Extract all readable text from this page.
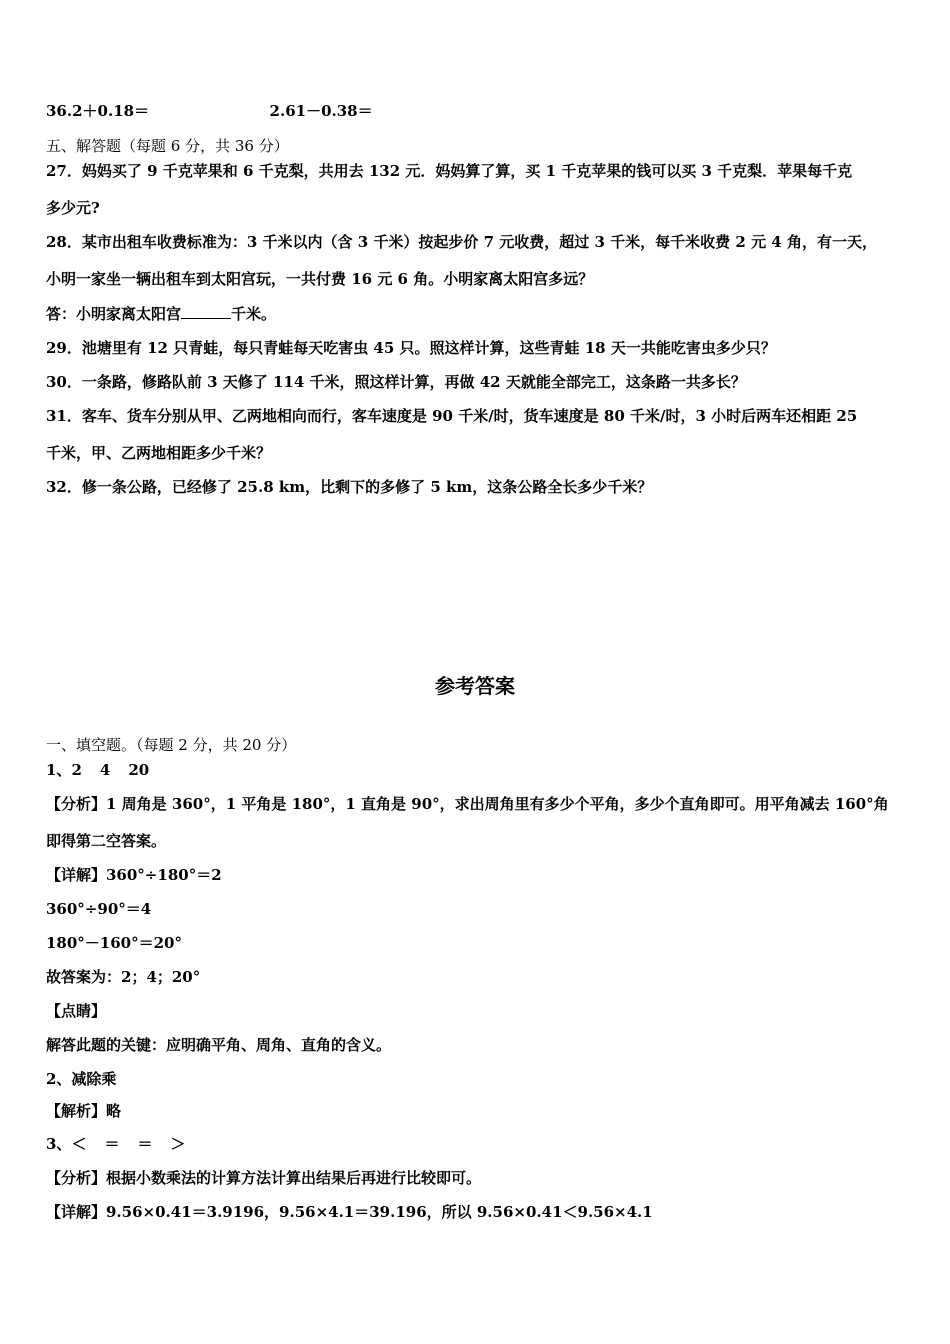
36.2＋0.18＝	2.61－0.38＝
五、解答题（每题 6 分，共 36 分）
27．妈妈买了 9 千克苹果和 6 千克梨，共用去 132 元．妈妈算了算，买 1 千克苹果的钱可以买 3 千克梨．苹果每千克
多少元?
28．某市出租车收费标准为：3 千米以内（含 3 千米）按起步价 7 元收费，超过 3 千米，每千米收费 2 元 4 角，有一天，
小明一家坐一辆出租车到太阳宫玩，一共付费 16 元 6 角。小明家离太阳宫多远？
答：小明家离太阳宫	千米。
29．池塘里有 12 只青蛙，每只青蛙每天吃害虫 45 只。照这样计算，这些青蛙 18 天一共能吃害虫多少只？
30．一条路，修路队前 3 天修了 114 千米，照这样计算，再做 42 天就能全部完工，这条路一共多长？
31．客车、货车分别从甲、乙两地相向而行，客车速度是 90 千米/时，货车速度是 80 千米/时，3 小时后两车还相距 25
千米，甲、乙两地相距多少千米？
32．修一条公路，已经修了 25.8 km，比剩下的多修了 5 km，这条公路全长多少千米？
参考答案
一、填空题。（每题 2 分，共 20 分）
1、2 4 20
【分析】1 周角是 360°，1 平角是 180°，1 直角是 90°，求出周角里有多少个平角，多少个直角即可。用平角减去 160°角
即得第二空答案。
【详解】360°÷180°＝2
360°÷90°＝4
180°－160°＝20°
故答案为：2；4；20°
【点睛】
解答此题的关键：应明确平角、周角、直角的含义。
2、减除乘
【解析】略
3、＜ ＝ ＝ ＞
【分析】根据小数乘法的计算方法计算出结果后再进行比较即可。
【详解】9.56×0.41＝3.9196，9.56×4.1＝39.196，所以 9.56×0.41＜9.56×4.1
